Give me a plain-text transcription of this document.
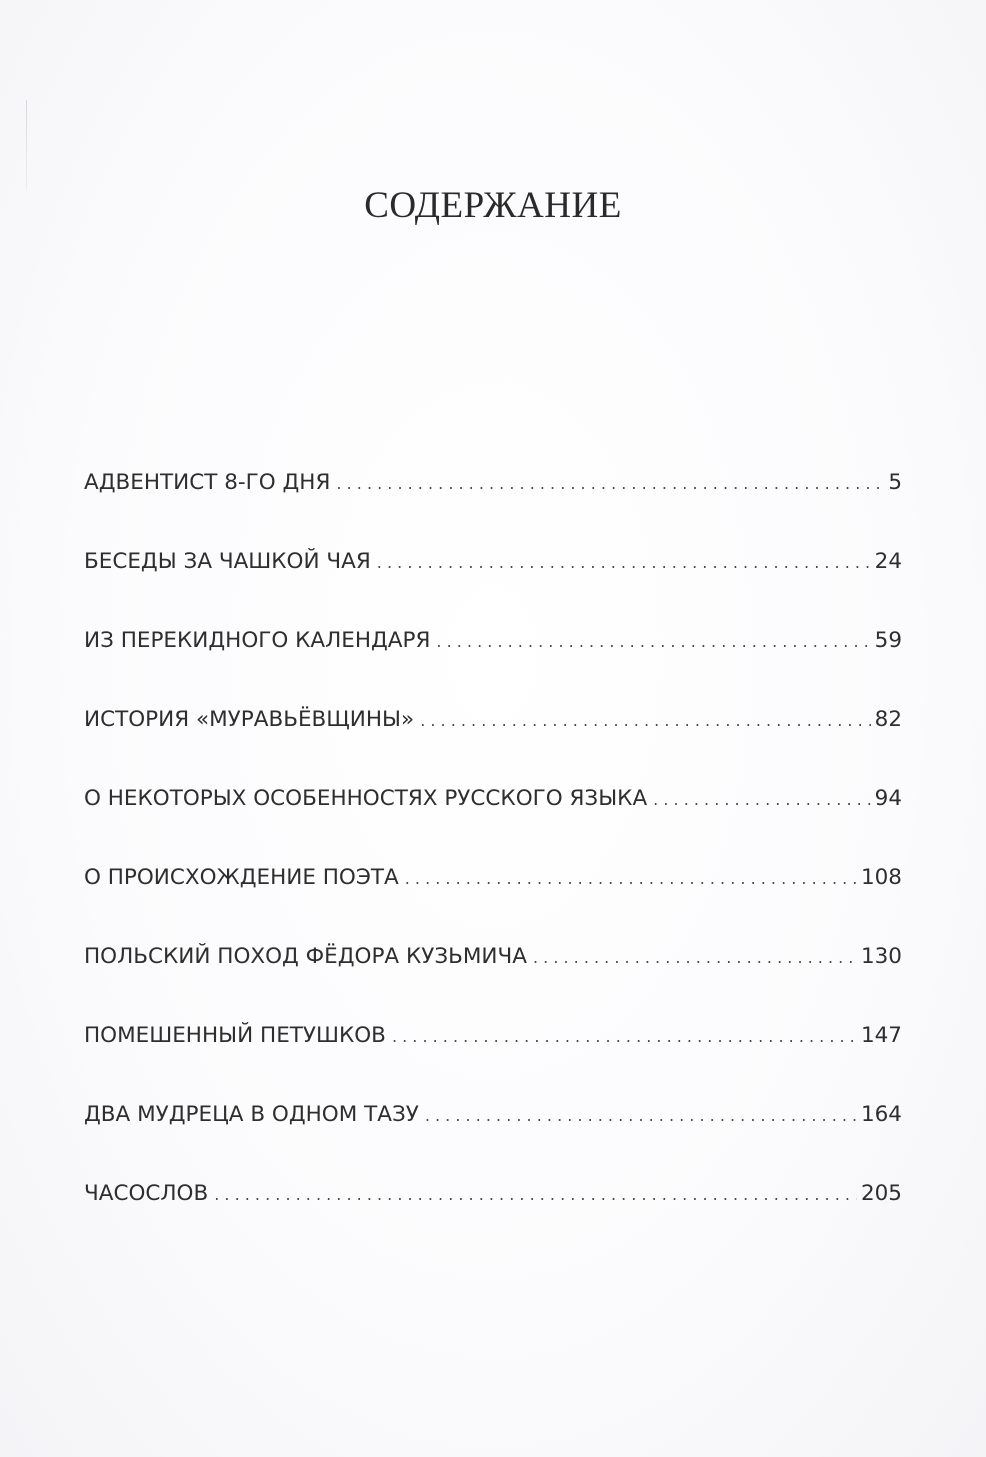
СОДЕРЖАНИЕ
АДВЕНТИСТ 8-ГО ДНЯ . . .	5
БЕСЕДЫ ЗА ЧАШКОЙ ЧАЯ . . .	24
ИЗ ПЕРЕКИДНОГО КАЛЕНДАРЯ . . .	59
ИСТОРИЯ «МУРАВЬЁВЩИНЫ» . . .	82
О НЕКОТОРЫХ ОСОБЕННОСТЯХ РУССКОГО ЯЗЫКА . . .	94
О ПРОИСХОЖДЕНИЕ ПОЭТА . . .	108
ПОЛЬСКИЙ ПОХОД ФЁДОРА КУЗЬМИЧА . . .	130
ПОМЕШЕННЫЙ ПЕТУШКОВ . . .	147
ДВА МУДРЕЦА В ОДНОМ ТАЗУ . . .	164
ЧАСОСЛОВ . . .	205
